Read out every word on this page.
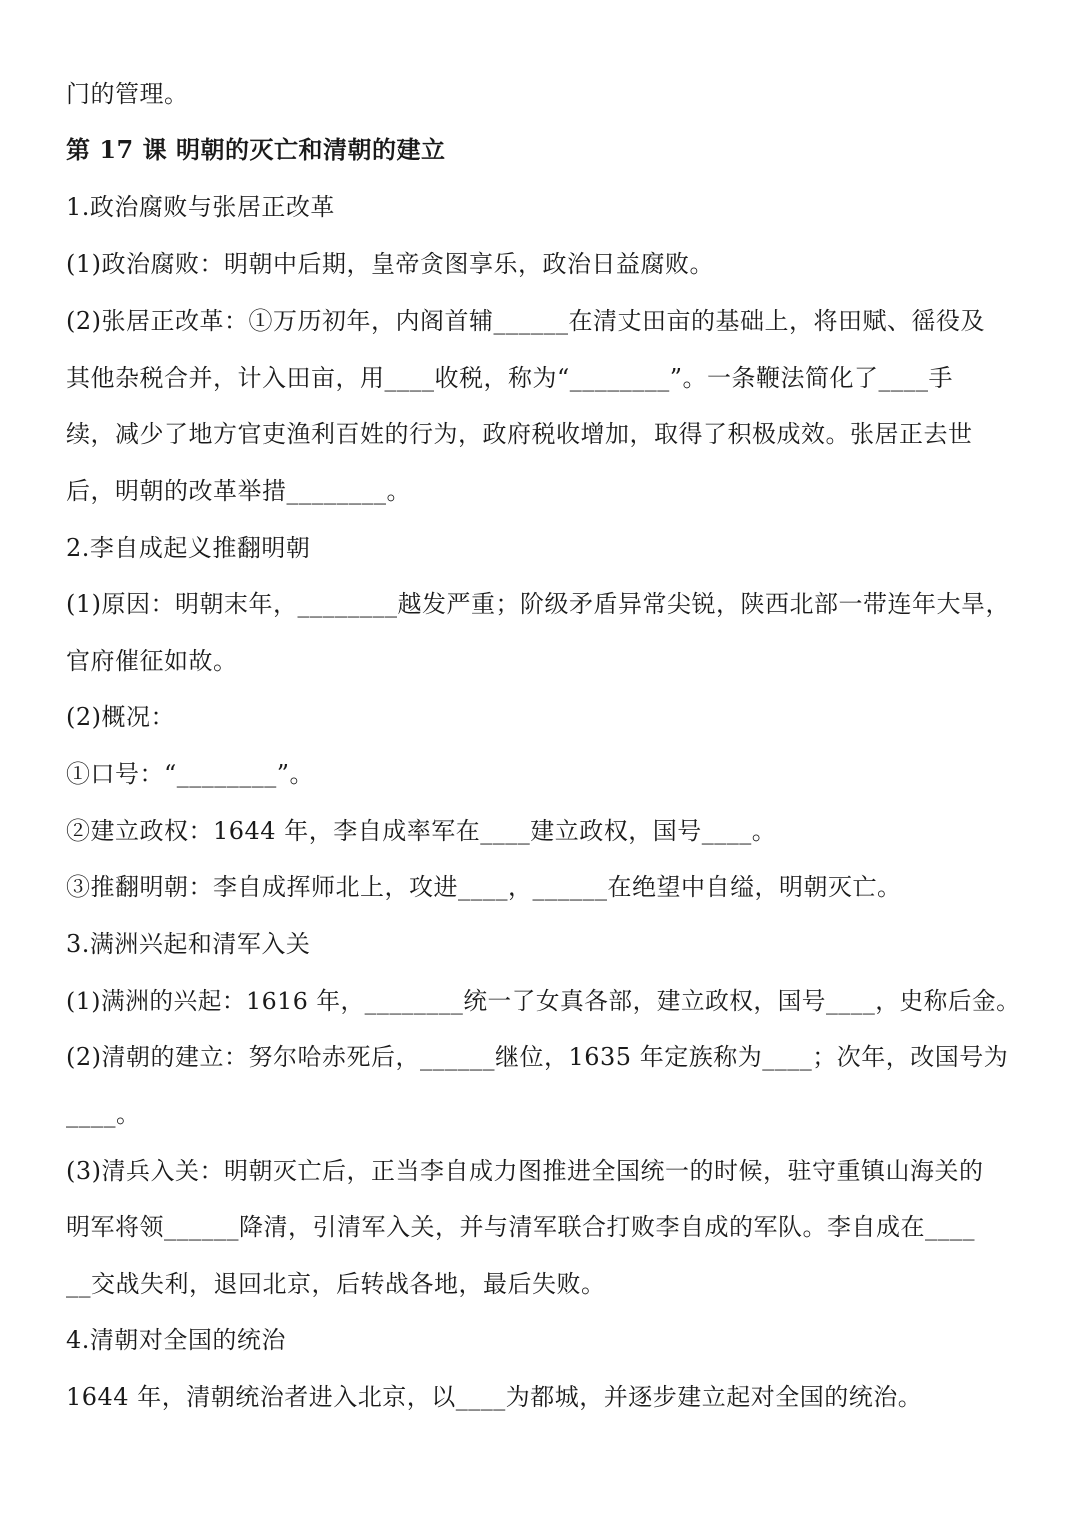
门的管理。
第 17 课 明朝的灭亡和清朝的建立
1.政治腐败与张居正改革
(1)政治腐败：明朝中后期，皇帝贪图享乐，政治日益腐败。
(2)张居正改革：①万历初年，内阁首辅______在清丈田亩的基础上，将田赋、徭役及
其他杂税合并，计入田亩，用____收税，称为“________”。一条鞭法简化了____手
续，减少了地方官吏渔利百姓的行为，政府税收增加，取得了积极成效。张居正去世
后，明朝的改革举措________。
2.李自成起义推翻明朝
(1)原因：明朝末年，________越发严重；阶级矛盾异常尖锐，陕西北部一带连年大旱，
官府催征如故。
(2)概况：
①口号：“________”。
②建立政权：1644 年，李自成率军在____建立政权，国号____。
③推翻明朝：李自成挥师北上，攻进____，______在绝望中自缢，明朝灭亡。
3.满洲兴起和清军入关
(1)满洲的兴起：1616 年，________统一了女真各部，建立政权，国号____，史称后金。
(2)清朝的建立：努尔哈赤死后，______继位，1635 年定族称为____；次年，改国号为
____。
(3)清兵入关：明朝灭亡后，正当李自成力图推进全国统一的时候，驻守重镇山海关的
明军将领______降清，引清军入关，并与清军联合打败李自成的军队。李自成在____
__交战失利，退回北京，后转战各地，最后失败。
4.清朝对全国的统治
1644 年，清朝统治者进入北京，以____为都城，并逐步建立起对全国的统治。
